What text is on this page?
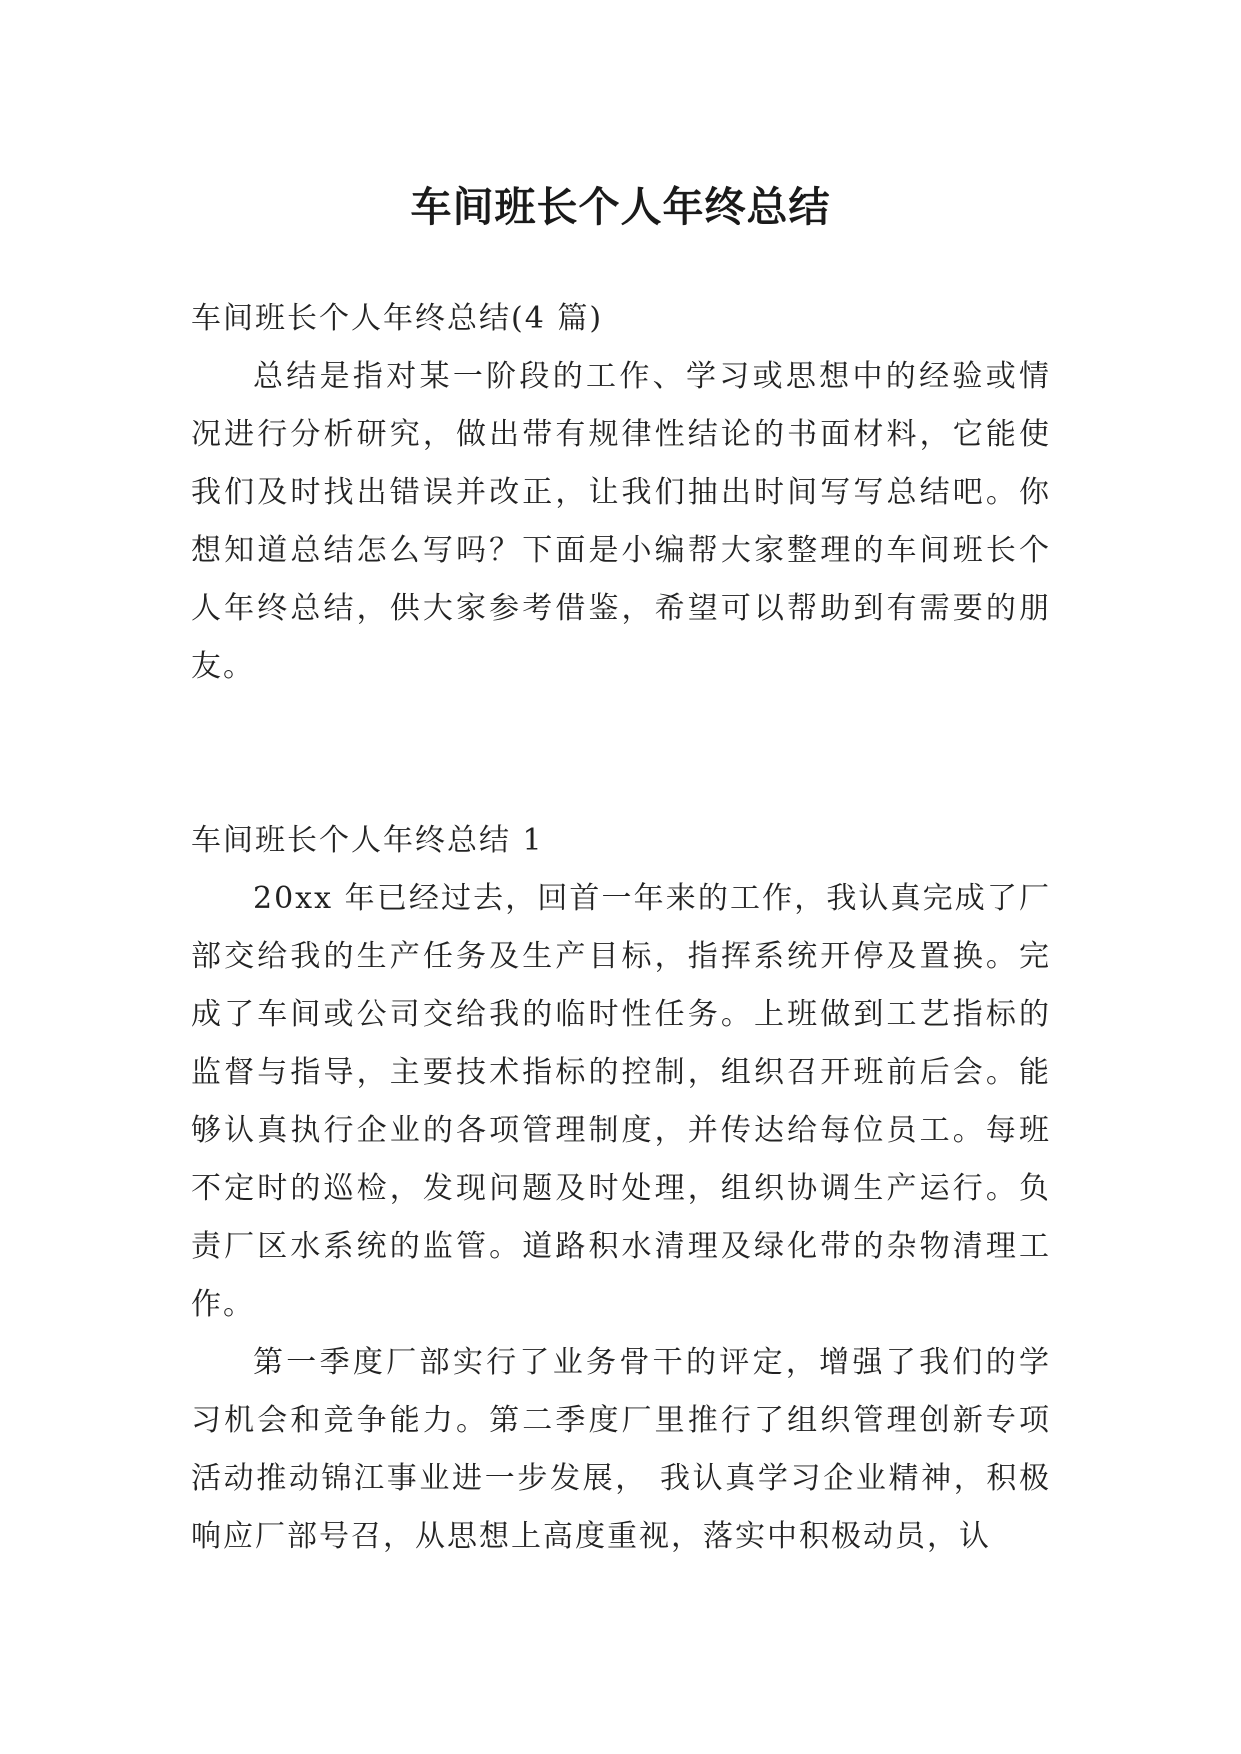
车间班长个人年终总结

车间班长个人年终总结(4 篇)

总结是指对某一阶段的工作、学习或思想中的经验或情况进行分析研究，做出带有规律性结论的书面材料，它能使我们及时找出错误并改正，让我们抽出时间写写总结吧。你想知道总结怎么写吗？下面是小编帮大家整理的车间班长个人年终总结，供大家参考借鉴，希望可以帮助到有需要的朋友。

车间班长个人年终总结 1

20xx 年已经过去，回首一年来的工作，我认真完成了厂部交给我的生产任务及生产目标，指挥系统开停及置换。完成了车间或公司交给我的临时性任务。上班做到工艺指标的监督与指导，主要技术指标的控制，组织召开班前后会。能够认真执行企业的各项管理制度，并传达给每位员工。每班不定时的巡检，发现问题及时处理，组织协调生产运行。负责厂区水系统的监管。道路积水清理及绿化带的杂物清理工作。

第一季度厂部实行了业务骨干的评定，增强了我们的学习机会和竞争能力。第二季度厂里推行了组织管理创新专项活动推动锦江事业进一步发展， 我认真学习企业精神，积极响应厂部号召，从思想上高度重视，落实中积极动员，认
